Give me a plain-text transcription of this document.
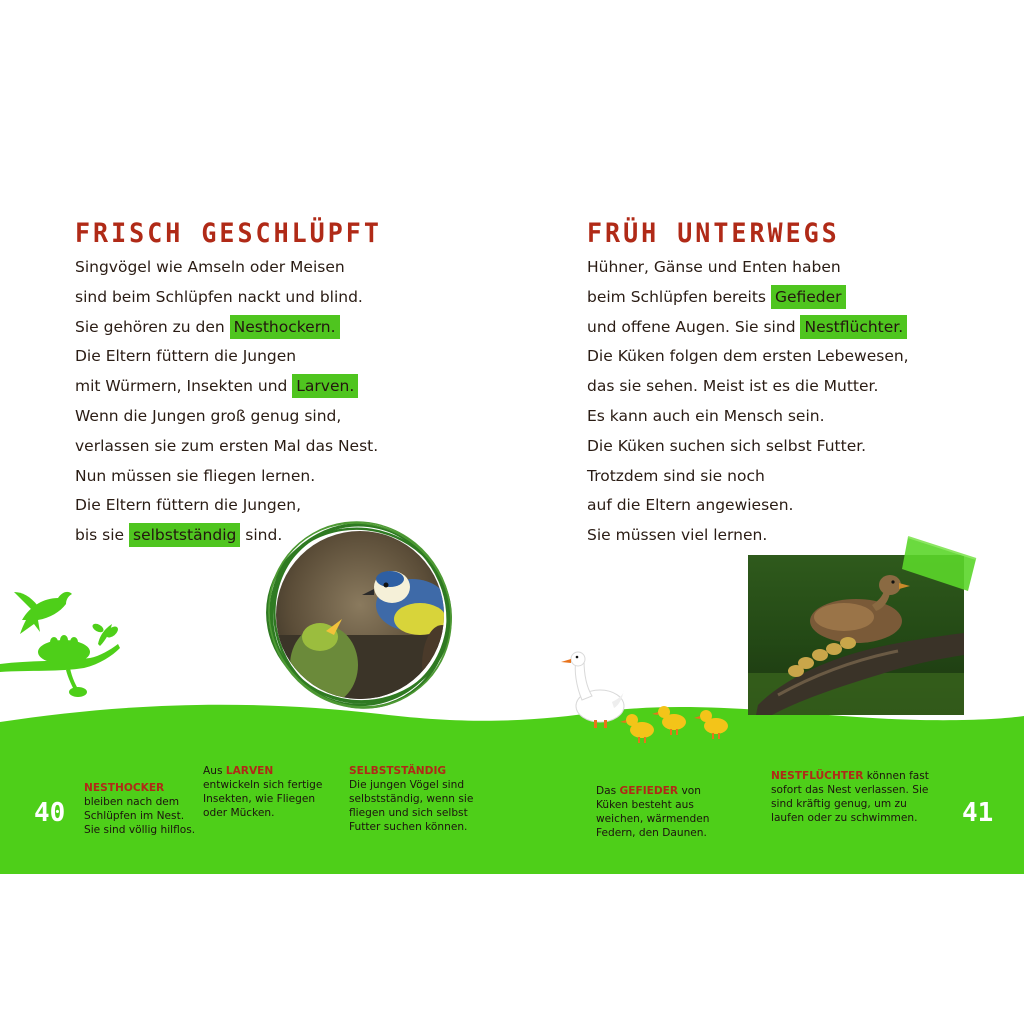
FRISCH GESCHLÜPFT
Singvögel wie Amseln oder Meisen
sind beim Schlüpfen nackt und blind.
Sie gehören zu den Nesthockern.
Die Eltern füttern die Jungen
mit Würmern, Insekten und Larven.
Wenn die Jungen groß genug sind,
verlassen sie zum ersten Mal das Nest.
Nun müssen sie fliegen lernen.
Die Eltern füttern die Jungen,
bis sie selbstständig sind.
40
NESTHOCKER
bleiben nach dem Schlüpfen im Nest. Sie sind völlig hilflos.
Aus LARVEN entwickeln sich fertige Insekten, wie Fliegen oder Mücken.
SELBSTSTÄNDIG
Die jungen Vögel sind selbstständig, wenn sie fliegen und sich selbst Futter suchen können.
FRÜH UNTERWEGS
Hühner, Gänse und Enten haben
beim Schlüpfen bereits Gefieder
und offene Augen. Sie sind Nestflüchter.
Die Küken folgen dem ersten Lebewesen,
das sie sehen. Meist ist es die Mutter.
Es kann auch ein Mensch sein.
Die Küken suchen sich selbst Futter.
Trotzdem sind sie noch
auf die Eltern angewiesen.
Sie müssen viel lernen.
Das GEFIEDER von Küken besteht aus weichen, wärmenden Federn, den Daunen.
NESTFLÜCHTER können fast sofort das Nest verlassen. Sie sind kräftig genug, um zu laufen oder zu schwimmen.	41
